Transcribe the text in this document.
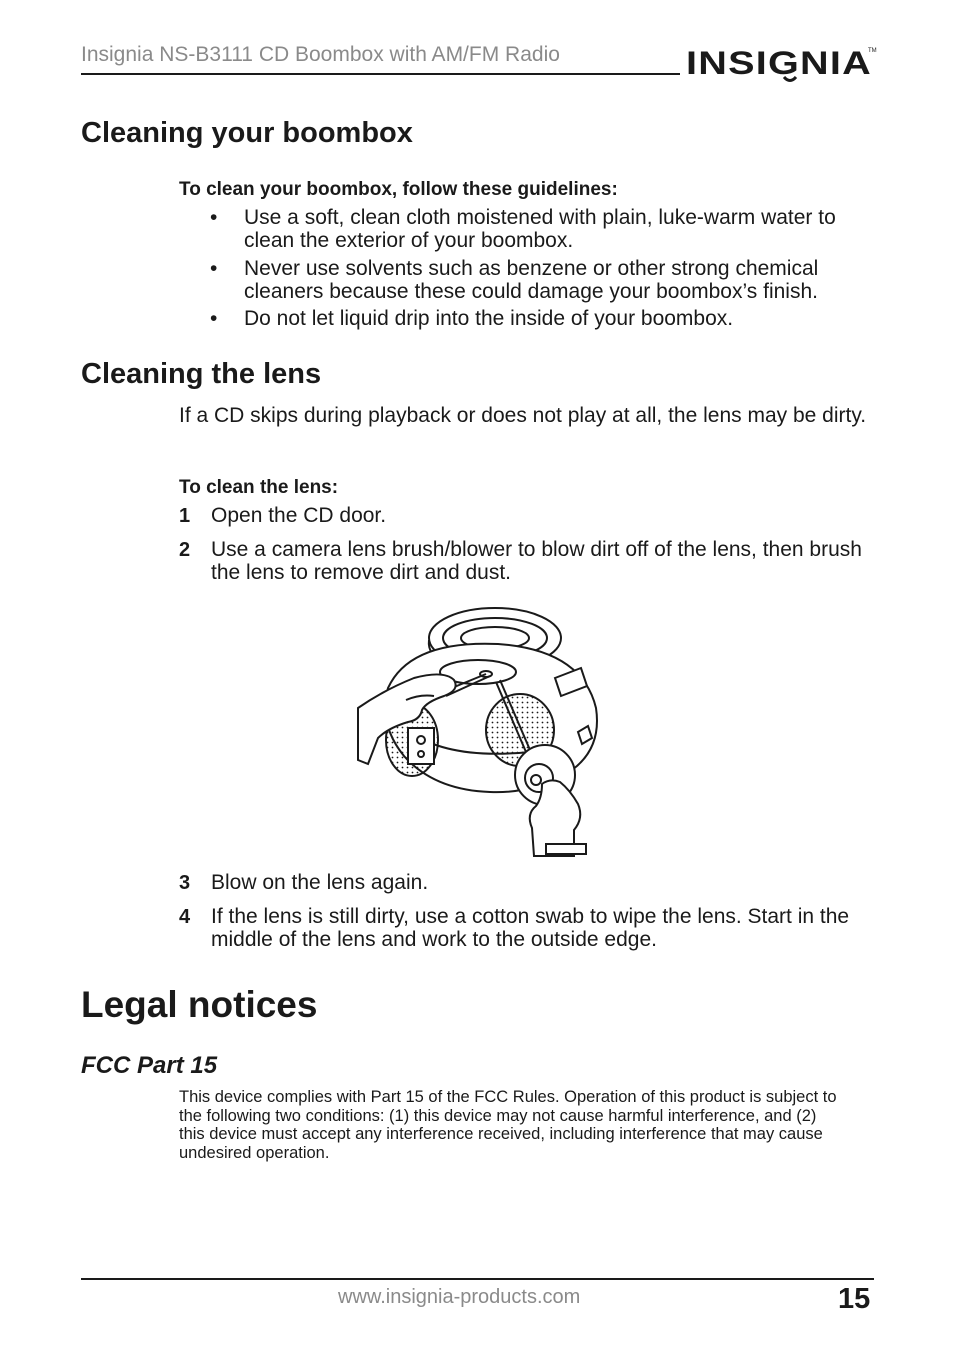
Insignia NS-B3111 CD Boombox with AM/FM Radio	INSIGNIA
TM
Cleaning your boombox
To clean your boombox, follow these guidelines:
• Use a soft, clean cloth moistened with plain, luke-warm water to clean the exterior of your boombox.
• Never use solvents such as benzene or other strong chemical cleaners because these could damage your boombox’s finish.
• Do not let liquid drip into the inside of your boombox.
Cleaning the lens
If a CD skips during playback or does not play at all, the lens may be dirty.
To clean the lens:
1 Open the CD door.
2 Use a camera lens brush/blower to blow dirt off of the lens, then brush the lens to remove dirt and dust.
3 Blow on the lens again.
4 If the lens is still dirty, use a cotton swab to wipe the lens. Start in the middle of the lens and work to the outside edge.
Legal notices
FCC Part 15
This device complies with Part 15 of the FCC Rules. Operation of this product is subject to the following two conditions: (1) this device may not cause harmful interference, and (2) this device must accept any interference received, including interference that may cause undesired operation.
www.insignia-products.com	15
